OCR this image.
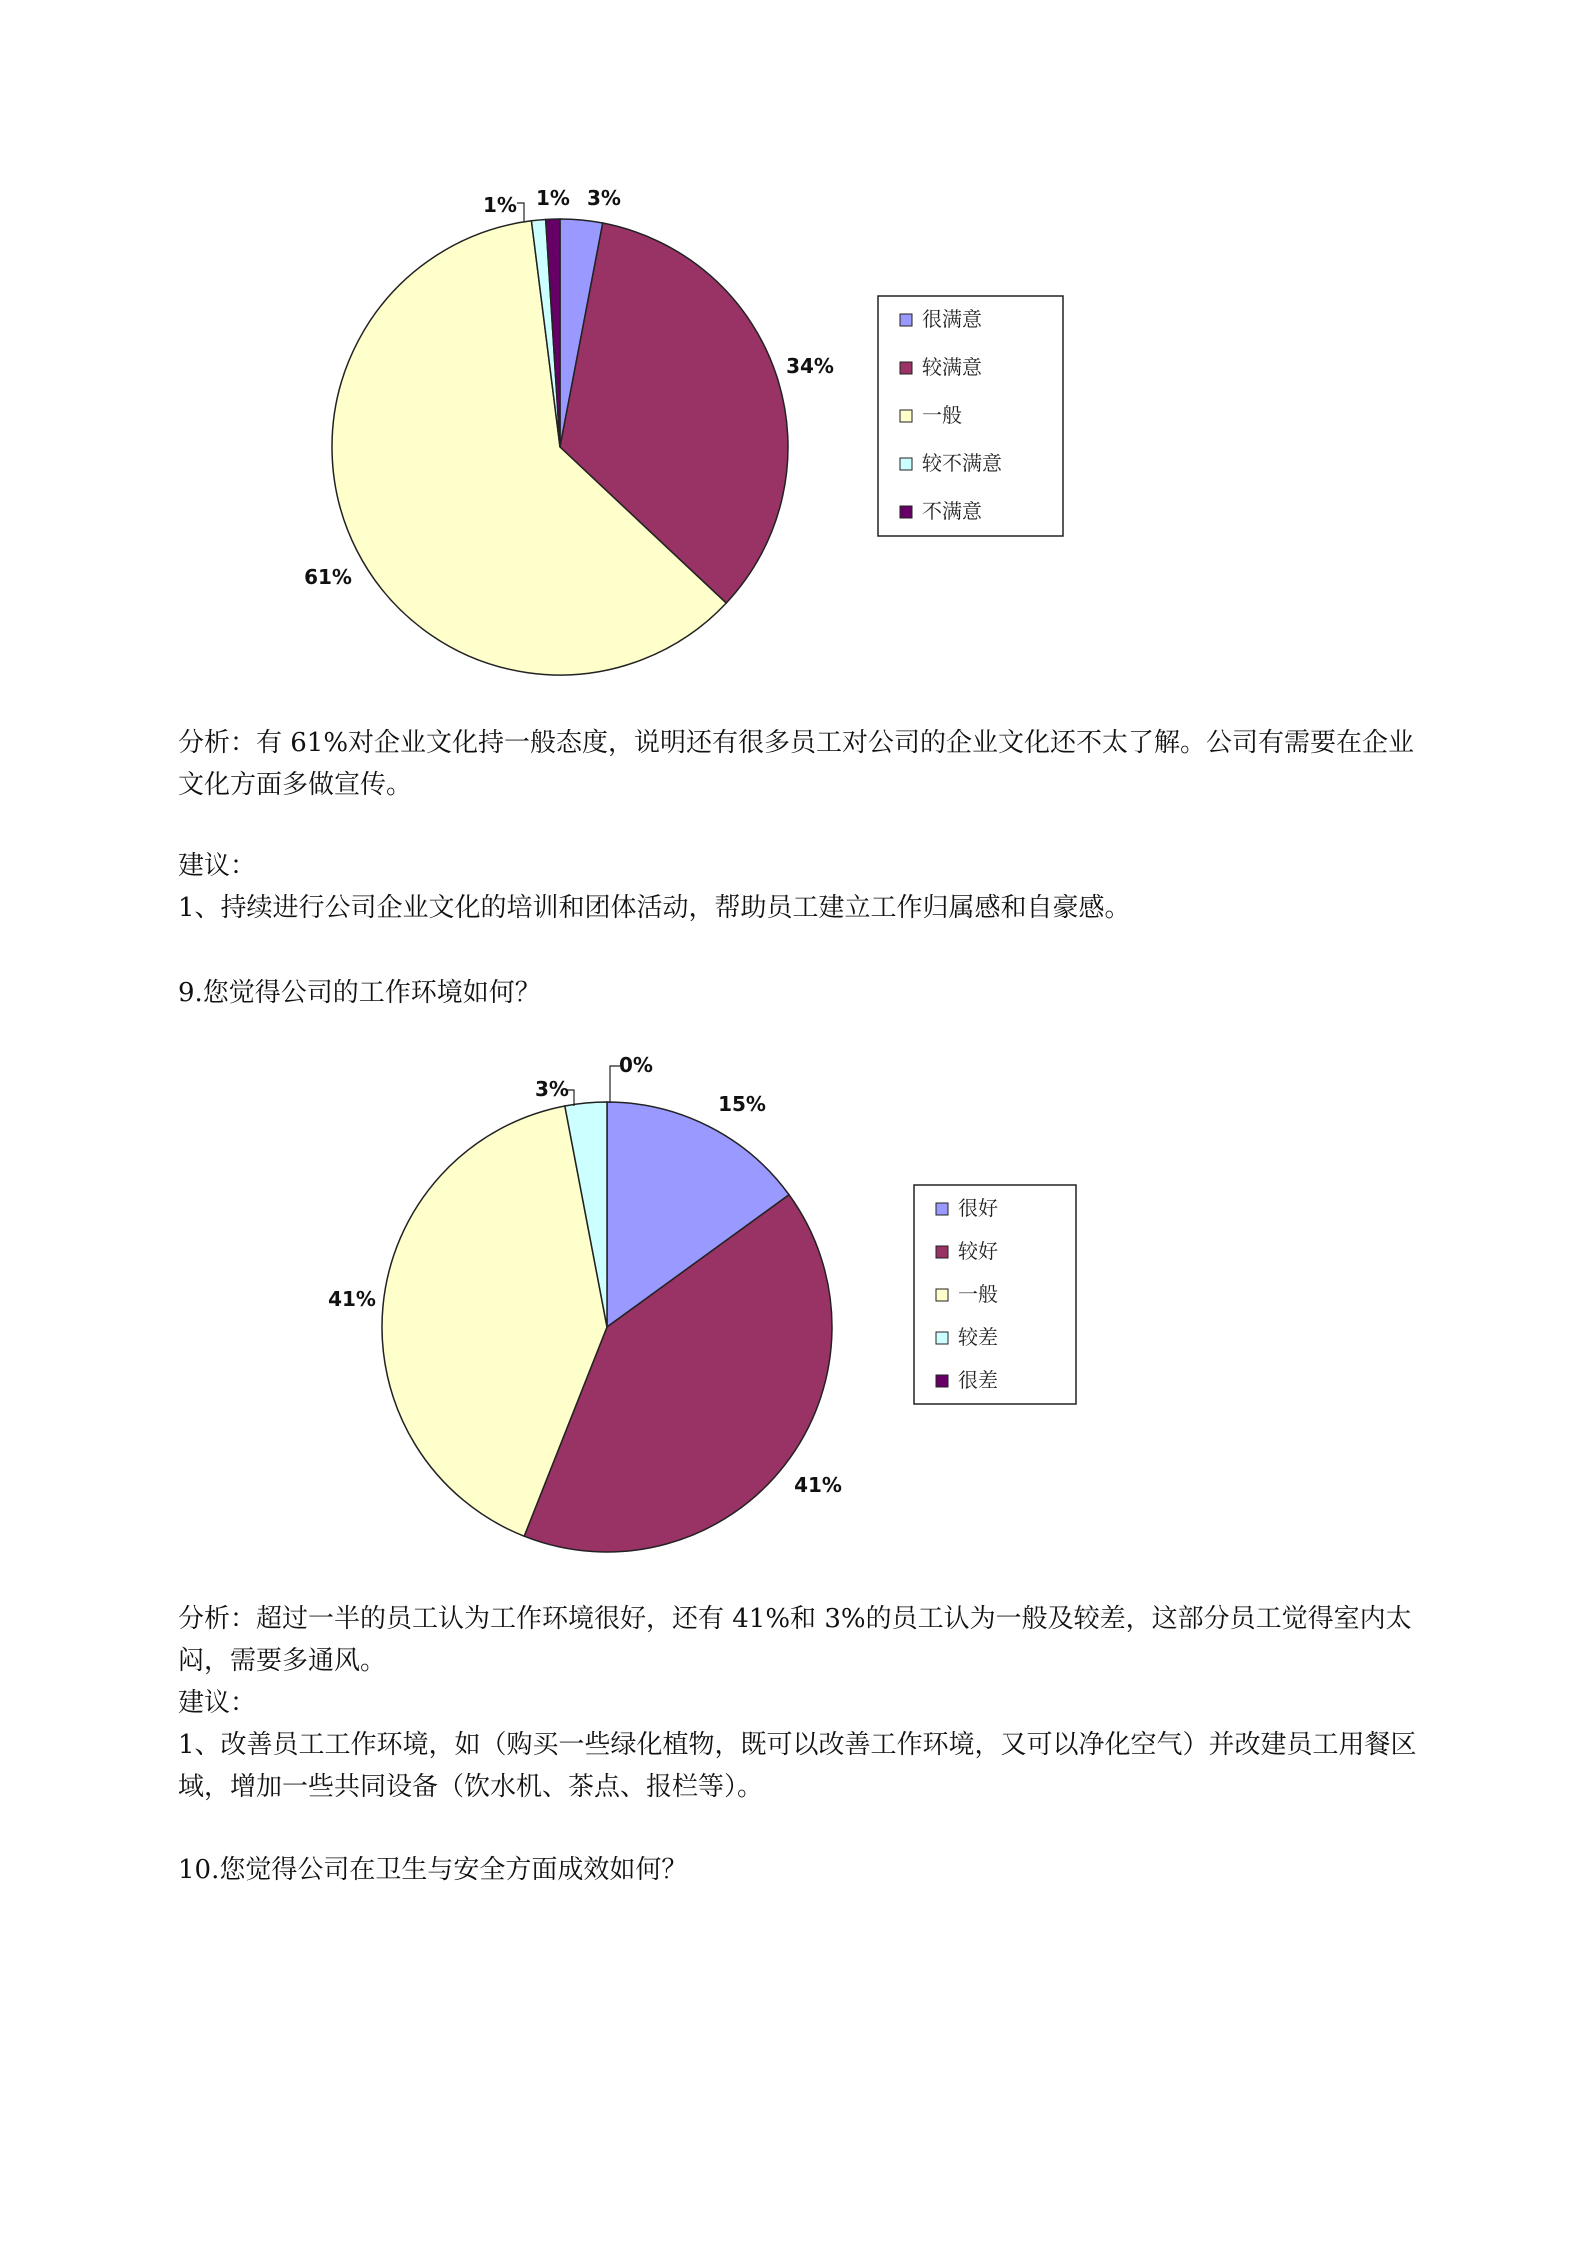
3%
34%
61%
1% 1%
很满意
较满意
一般
较不满意
不满意

分析：有 61%对企业文化持一般态度，说明还有很多员工对公司的企业文化还不太了解。公司有需要在企业文化方面多做宣传。

建议：

1、持续进行公司企业文化的培训和团体活动，帮助员工建立工作归属感和自豪感。

9.您觉得公司的工作环境如何？

15%
41%
41%
3%
0%
很好
较好
一般
较差
很差

分析：超过一半的员工认为工作环境很好，还有 41%和 3%的员工认为一般及较差，这部分员工觉得室内太闷，需要多通风。

建议：

1、改善员工工作环境，如（购买一些绿化植物，既可以改善工作环境，又可以净化空气）并改建员工用餐区域，增加一些共同设备（饮水机、茶点、报栏等）。

10.您觉得公司在卫生与安全方面成效如何？
